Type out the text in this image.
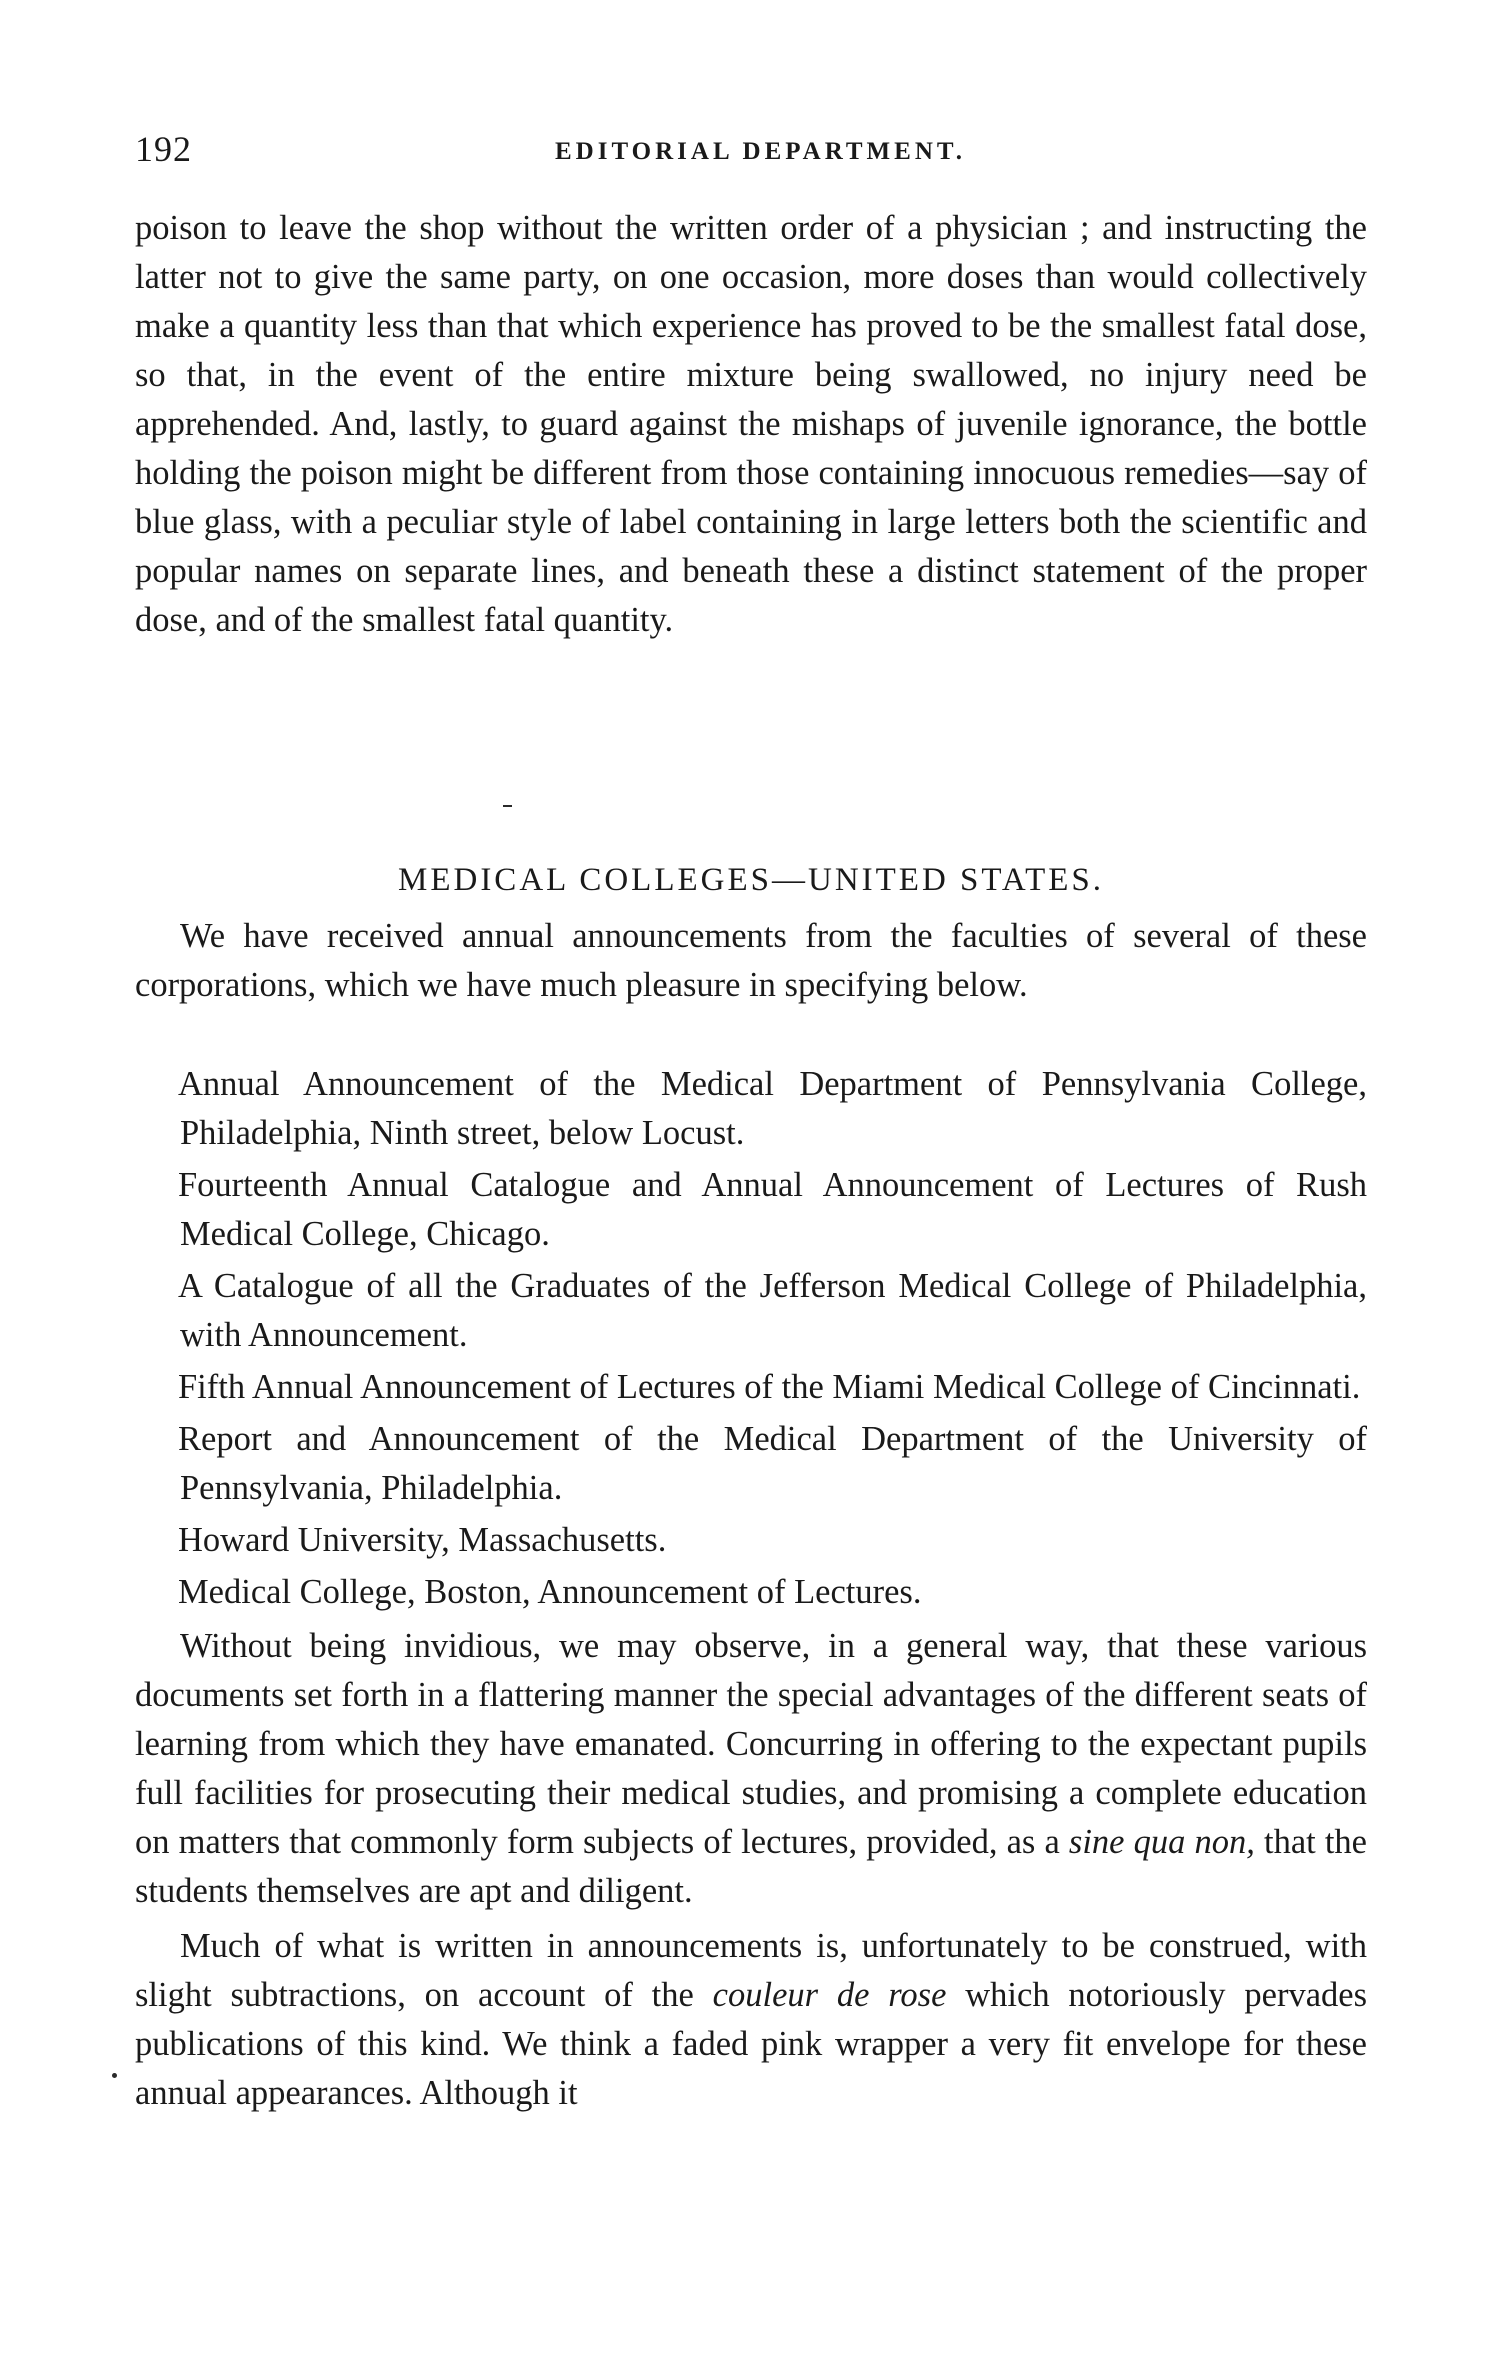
192	EDITORIAL DEPARTMENT.

poison to leave the shop without the written order of a physician ; and instructing the latter not to give the same party, on one occasion, more doses than would collectively make a quantity less than that which experience has proved to be the smallest fatal dose, so that, in the event of the entire mixture being swallowed, no injury need be apprehended. And, lastly, to guard against the mishaps of juvenile ignorance, the bottle holding the poison might be different from those containing innocuous remedies—say of blue glass, with a peculiar style of label containing in large letters both the scientific and popular names on separate lines, and beneath these a distinct statement of the proper dose, and of the smallest fatal quantity.

MEDICAL COLLEGES—UNITED STATES.

We have received annual announcements from the faculties of several of these corporations, which we have much pleasure in specifying below.

Annual Announcement of the Medical Department of Pennsylvania College, Philadelphia, Ninth street, below Locust.
Fourteenth Annual Catalogue and Annual Announcement of Lectures of Rush Medical College, Chicago.
A Catalogue of all the Graduates of the Jefferson Medical College of Philadelphia, with Announcement.
Fifth Annual Announcement of Lectures of the Miami Medical College of Cincinnati.
Report and Announcement of the Medical Department of the University of Pennsylvania, Philadelphia.
Howard University, Massachusetts.
Medical College, Boston, Announcement of Lectures.

Without being invidious, we may observe, in a general way, that these various documents set forth in a flattering manner the special advantages of the different seats of learning from which they have emanated. Concurring in offering to the expectant pupils full facilities for prosecuting their medical studies, and promising a complete education on matters that commonly form subjects of lectures, provided, as a sine qua non, that the students themselves are apt and diligent.

Much of what is written in announcements is, unfortunately to be construed, with slight subtractions, on account of the couleur de rose which notoriously pervades publications of this kind. We think a faded pink wrapper a very fit envelope for these annual appearances. Although it
